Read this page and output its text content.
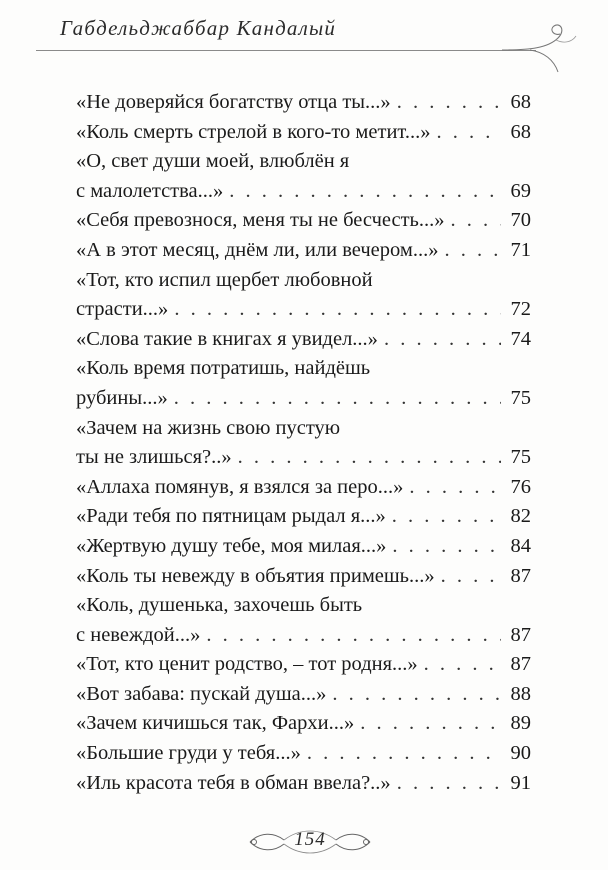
Габдельджаббар Кандалый
«Не доверяйся богатству отца ты...» . . .	68
«Коль смерть стрелой в кого-то метит...» . . .	68
«О, свет души моей, влюблён я
с малолетства...» . . .	69
«Себя превознося, меня ты не бесчесть...» . . .	70
«А в этот месяц, днём ли, или вечером...» . . .	71
«Тот, кто испил щербет любовной
страсти...» . . .	72
«Слова такие в книгах я увидел...» . . .	74
«Коль время потратишь, найдёшь
рубины...» . . .	75
«Зачем на жизнь свою пустую
ты не злишься?..» . . .	75
«Аллаха помянув, я взялся за перо...» . . .	76
«Ради тебя по пятницам рыдал я...» . . .	82
«Жертвую душу тебе, моя милая...» . . .	84
«Коль ты невежду в объятия примешь...» . . .	87
«Коль, душенька, захочешь быть
с невеждой...» . . .	87
«Тот, кто ценит родство, – тот родня...» . . .	87
«Вот забава: пускай душа...» . . .	88
«Зачем кичишься так, Фархи...» . . .	89
«Большие груди у тебя...» . . .	90
«Иль красота тебя в обман ввела?..» . . .	91
154
